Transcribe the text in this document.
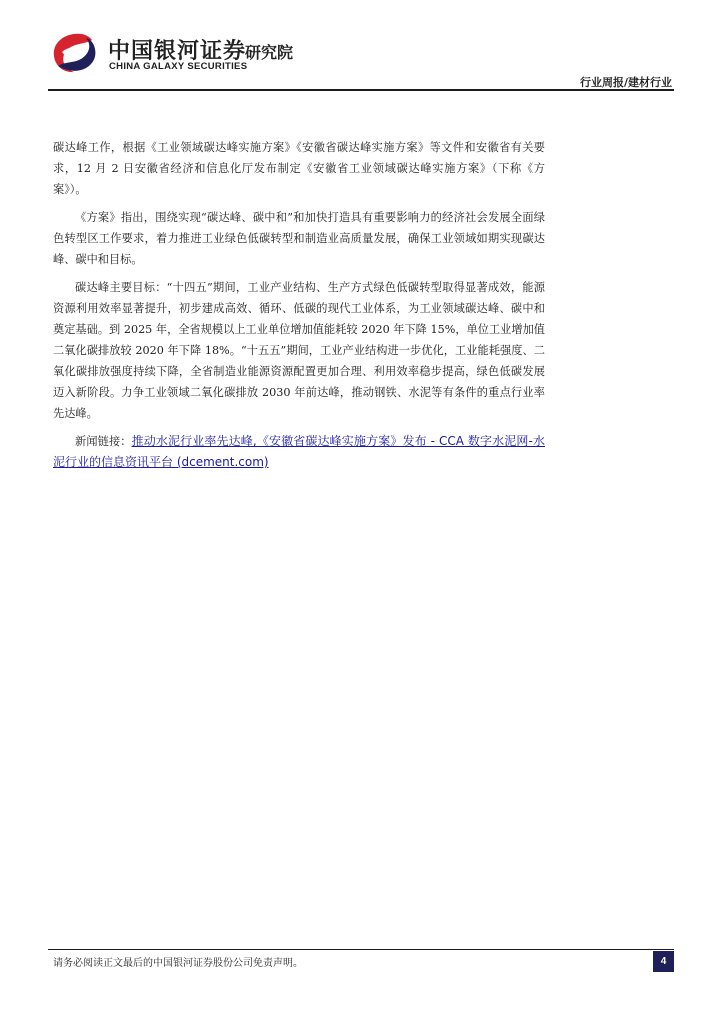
中国银河证券
CHINA GALAXY SECURITIES
研究院
行业周报/建材行业

碳达峰工作，根据《工业领域碳达峰实施方案》《安徽省碳达峰实施方案》等文件和安徽省有关要求，12 月 2 日安徽省经济和信息化厅发布制定《安徽省工业领域碳达峰实施方案》（下称《方案》）。

《方案》指出，围绕实现“碳达峰、碳中和”和加快打造具有重要影响力的经济社会发展全面绿色转型区工作要求，着力推进工业绿色低碳转型和制造业高质量发展，确保工业领域如期实现碳达峰、碳中和目标。

碳达峰主要目标：“十四五”期间，工业产业结构、生产方式绿色低碳转型取得显著成效，能源资源利用效率显著提升，初步建成高效、循环、低碳的现代工业体系，为工业领域碳达峰、碳中和奠定基础。到 2025 年，全省规模以上工业单位增加值能耗较 2020 年下降 15%，单位工业增加值二氧化碳排放较 2020 年下降 18%。“十五五”期间，工业产业结构进一步优化，工业能耗强度、二氧化碳排放强度持续下降，全省制造业能源资源配置更加合理、利用效率稳步提高，绿色低碳发展迈入新阶段。力争工业领域二氧化碳排放 2030 年前达峰，推动钢铁、水泥等有条件的重点行业率先达峰。

新闻链接：推动水泥行业率先达峰,《安徽省碳达峰实施方案》发布 - CCA 数字水泥网-水泥行业的信息资讯平台 (dcement.com)

请务必阅读正文最后的中国银河证券股份公司免责声明。	4
